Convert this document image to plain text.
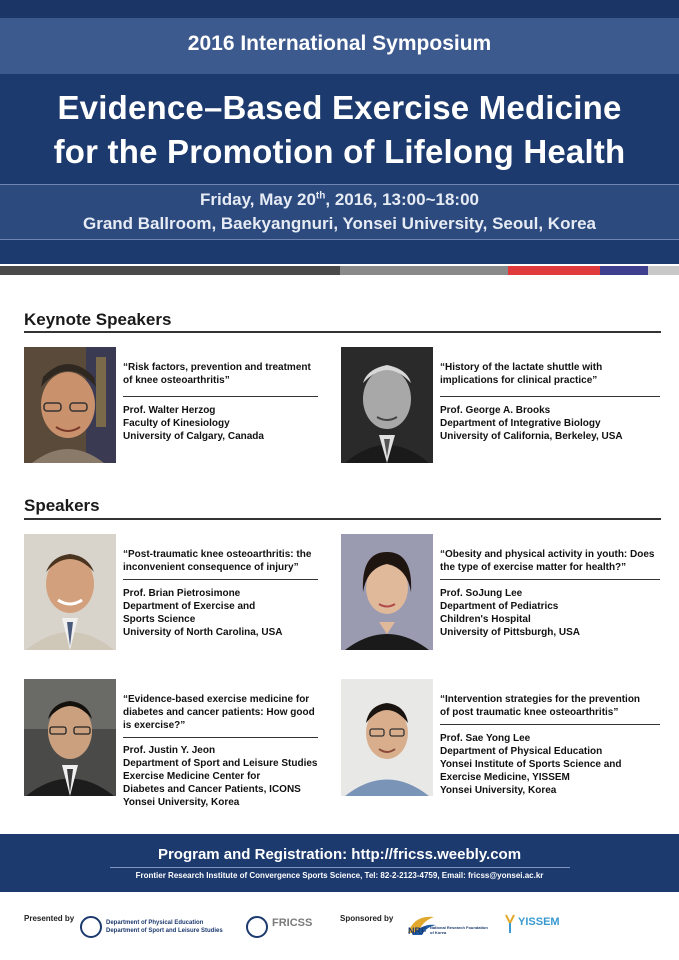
2016 International Symposium
Evidence–Based Exercise Medicine
for the Promotion of Lifelong Health
Friday, May 20th, 2016, 13:00~18:00
Grand Ballroom, Baekyangnuri, Yonsei University, Seoul, Korea
Keynote Speakers
“Risk factors, prevention and treatment of knee osteoarthritis”
Prof. Walter Herzog
Faculty of Kinesiology
University of Calgary, Canada
“History of the lactate shuttle with implications for clinical practice”
Prof. George A. Brooks
Department of Integrative Biology
University of California, Berkeley, USA
Speakers
“Post-traumatic knee osteoarthritis: the inconvenient consequence of injury”
Prof. Brian Pietrosimone
Department of Exercise and
Sports Science
University of North Carolina, USA
“Obesity and physical activity in youth: Does the type of exercise matter for health?”
Prof. SoJung Lee
Department of Pediatrics
Children's Hospital
University of Pittsburgh, USA
“Evidence-based exercise medicine for diabetes and cancer patients: How good is exercise?”
Prof. Justin Y. Jeon
Department of Sport and Leisure Studies
Exercise Medicine Center for
Diabetes and Cancer Patients, ICONS
Yonsei University, Korea
“Intervention strategies for the prevention of post traumatic knee osteoarthritis”
Prof. Sae Yong Lee
Department of Physical Education
Yonsei Institute of Sports Science and
Exercise Medicine, YISSEM
Yonsei University, Korea
Program and Registration: http://fricss.weebly.com
Frontier Research Institute of Convergence Sports Science, Tel: 82-2-2123-4759, Email: fricss@yonsei.ac.kr
Presented by	Department of Physical Education
Department of Sport and Leisure Studies
FRICSS	Sponsored by
NRF National Research Foundation of Korea
YISSEM
